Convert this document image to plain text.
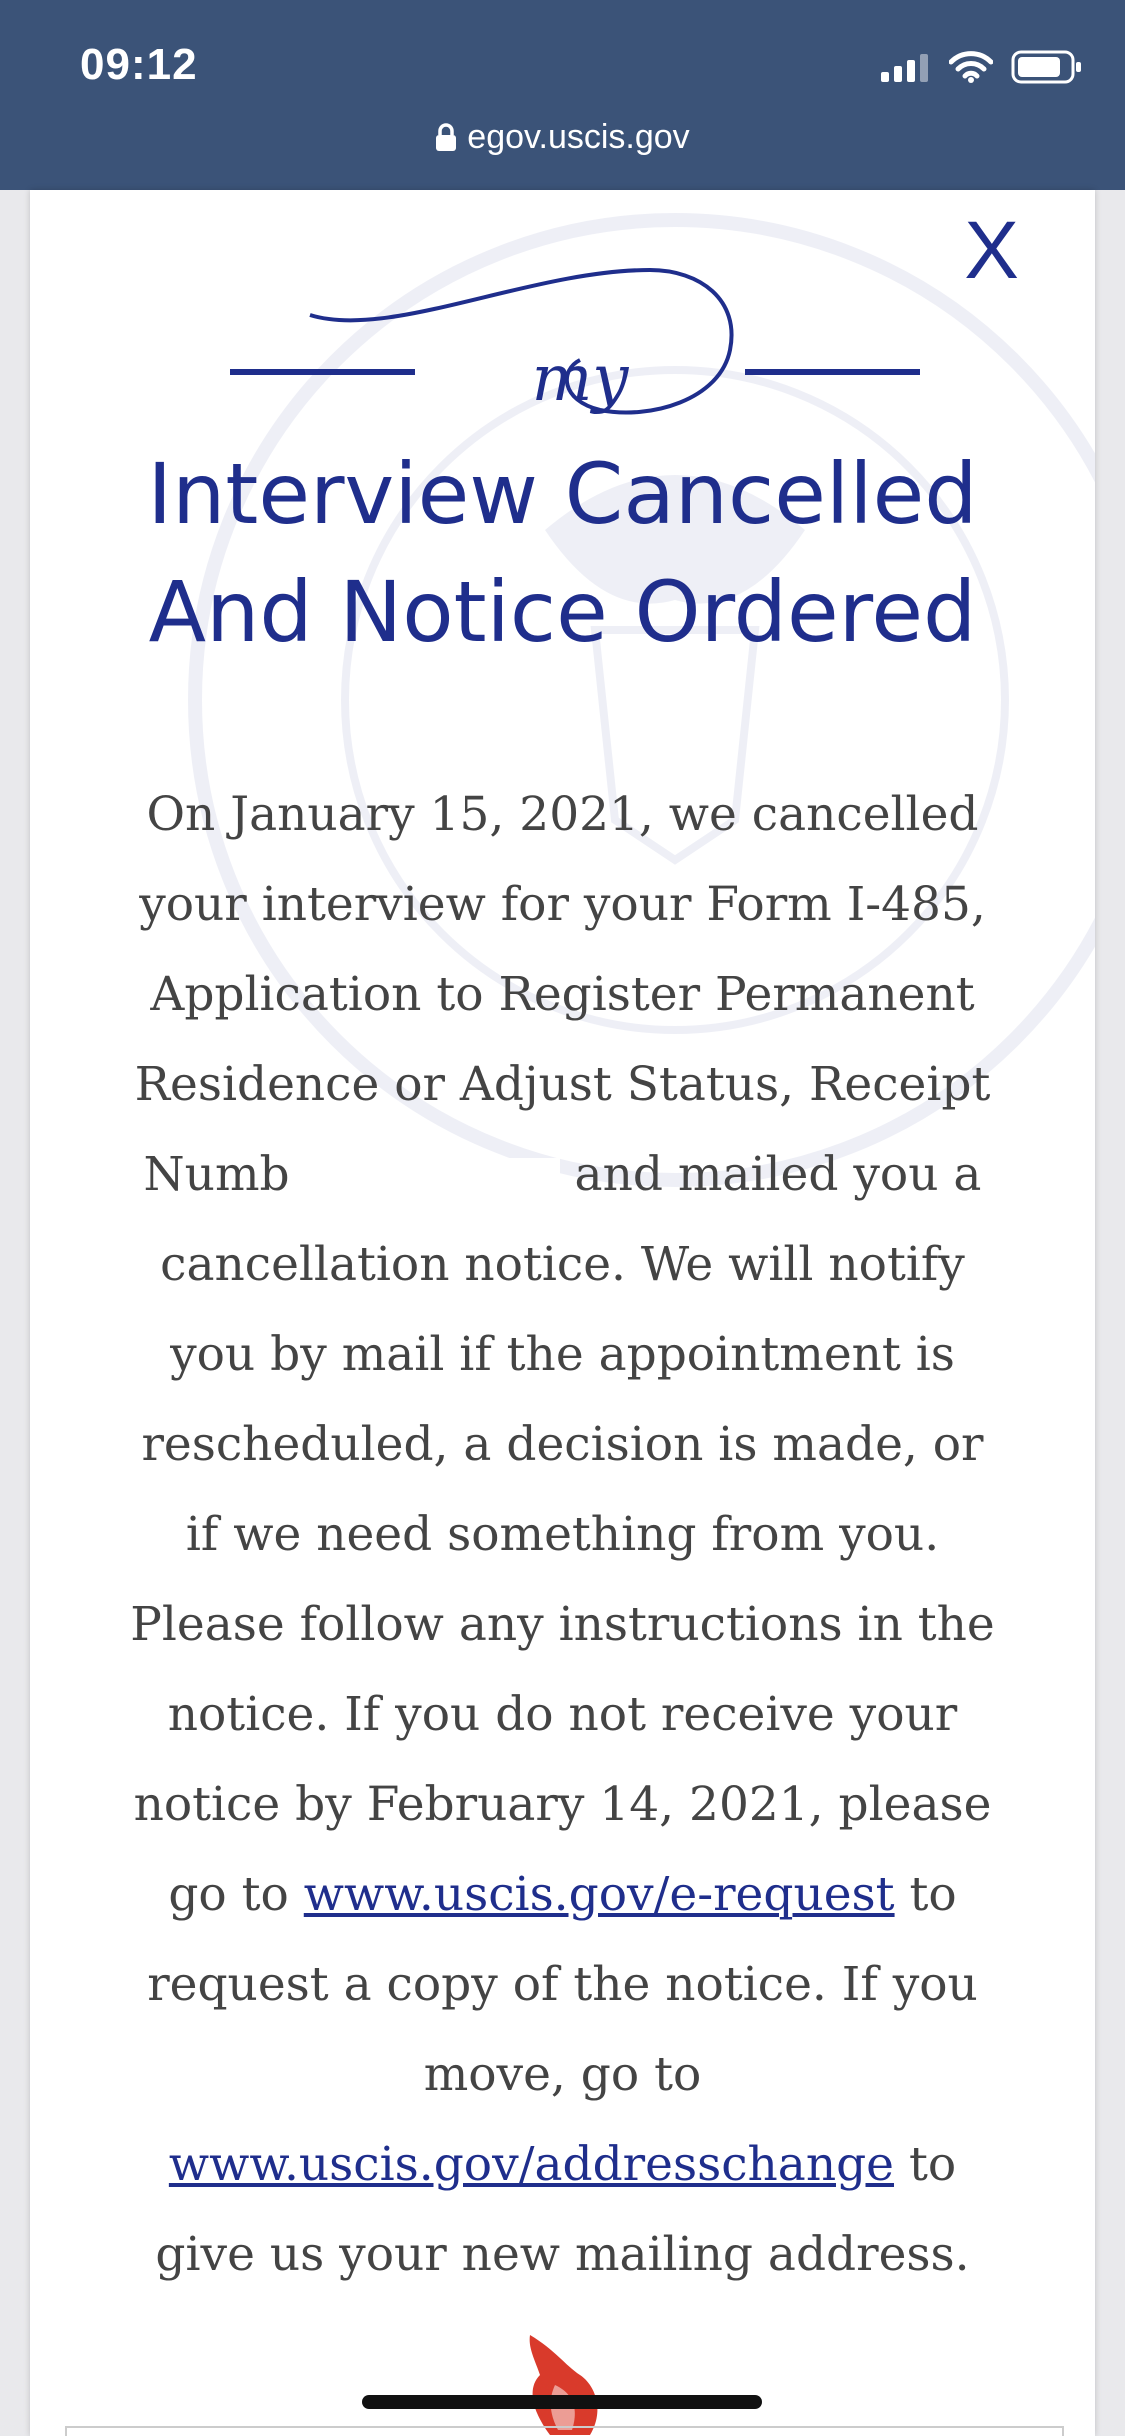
09:12
egov.uscis.gov
X
my
Interview Cancelled
And Notice Ordered

On January 15, 2021, we cancelled your interview for your Form I-485, Application to Register Permanent Residence or Adjust Status, Receipt Numb	and mailed you a cancellation notice. We will notify you by mail if the appointment is rescheduled, a decision is made, or if we need something from you. Please follow any instructions in the notice. If you do not receive your notice by February 14, 2021, please go to www.uscis.gov/e-request to request a copy of the notice. If you move, go to www.uscis.gov/addresschange to give us your new mailing address.
